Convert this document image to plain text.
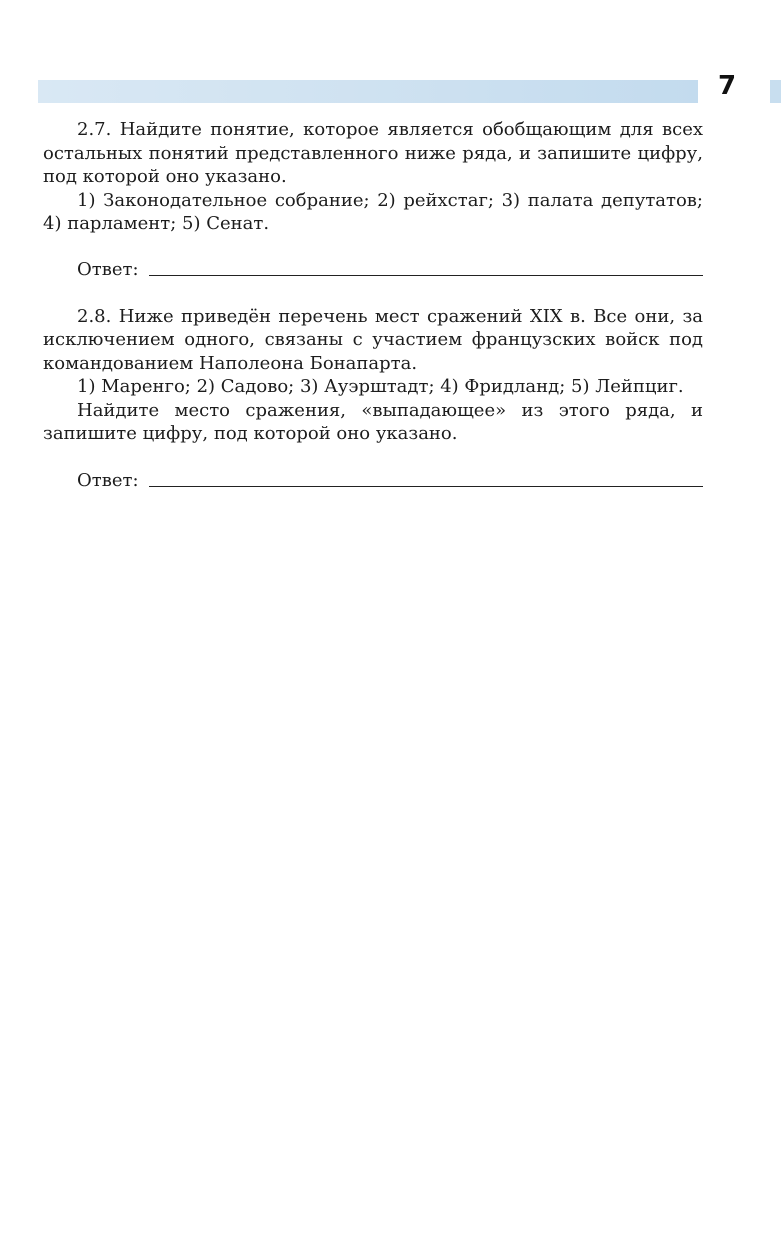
7

2.7. Найдите понятие, которое является обобщающим для всех остальных понятий представленного ниже ряда, и запишите цифру, под которой оно указано.

1) Законодательное собрание; 2) рейхстаг; 3) палата депутатов; 4) парламент; 5) Сенат.

Ответ:

2.8. Ниже приведён перечень мест сражений XIX в. Все они, за исключением одного, связаны с участием французских войск под командованием Наполеона Бонапарта.

1) Маренго; 2) Садово; 3) Ауэрштадт; 4) Фридланд; 5) Лейпциг.

Найдите место сражения, «выпадающее» из этого ряда, и запишите цифру, под которой оно указано.

Ответ:
